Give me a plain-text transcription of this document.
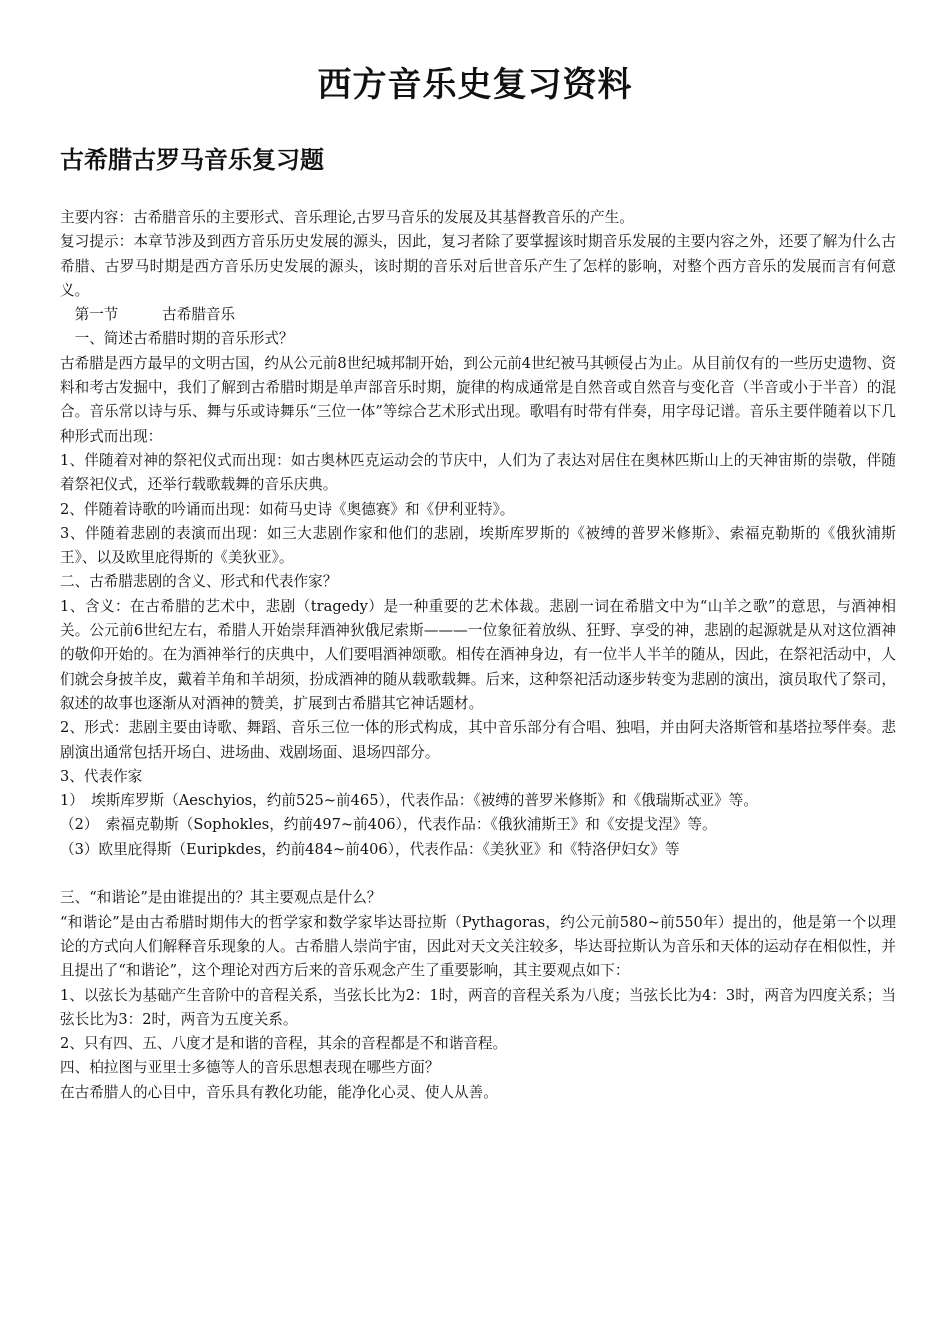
西方音乐史复习资料
古希腊古罗马音乐复习题

主要内容：古希腊音乐的主要形式、音乐理论,古罗马音乐的发展及其基督教音乐的产生。

复习提示：本章节涉及到西方音乐历史发展的源头，因此，复习者除了要掌握该时期音乐发展的主要内容之外，还要了解为什么古希腊、古罗马时期是西方音乐历史发展的源头，该时期的音乐对后世音乐产生了怎样的影响，对整个西方音乐的发展而言有何意义。

　第一节　　　古希腊音乐

　一、简述古希腊时期的音乐形式？

古希腊是西方最早的文明古国，约从公元前8世纪城邦制开始，到公元前4世纪被马其顿侵占为止。从目前仅有的一些历史遗物、资料和考古发掘中，我们了解到古希腊时期是单声部音乐时期，旋律的构成通常是自然音或自然音与变化音（半音或小于半音）的混合。音乐常以诗与乐、舞与乐或诗舞乐“三位一体”等综合艺术形式出现。歌唱有时带有伴奏，用字母记谱。音乐主要伴随着以下几种形式而出现：

1、伴随着对神的祭祀仪式而出现：如古奥林匹克运动会的节庆中，人们为了表达对居住在奥林匹斯山上的天神宙斯的崇敬，伴随着祭祀仪式，还举行载歌载舞的音乐庆典。

2、伴随着诗歌的吟诵而出现：如荷马史诗《奥德赛》和《伊利亚特》。

3、伴随着悲剧的表演而出现：如三大悲剧作家和他们的悲剧，埃斯库罗斯的《被缚的普罗米修斯》、索福克勒斯的《俄狄浦斯王》、以及欧里庇得斯的《美狄亚》。

二、古希腊悲剧的含义、形式和代表作家？

1、含义：在古希腊的艺术中，悲剧（tragedy）是一种重要的艺术体裁。悲剧一词在希腊文中为“山羊之歌”的意思，与酒神相关。公元前6世纪左右，希腊人开始崇拜酒神狄俄尼索斯———一位象征着放纵、狂野、享受的神，悲剧的起源就是从对这位酒神的敬仰开始的。在为酒神举行的庆典中，人们要唱酒神颂歌。相传在酒神身边，有一位半人半羊的随从，因此，在祭祀活动中，人们就会身披羊皮，戴着羊角和羊胡须，扮成酒神的随从载歌载舞。后来，这种祭祀活动逐步转变为悲剧的演出，演员取代了祭司，叙述的故事也逐渐从对酒神的赞美，扩展到古希腊其它神话题材。

2、形式：悲剧主要由诗歌、舞蹈、音乐三位一体的形式构成，其中音乐部分有合唱、独唱，并由阿夫洛斯管和基塔拉琴伴奏。悲剧演出通常包括开场白、进场曲、戏剧场面、退场四部分。

3、代表作家

1）　埃斯库罗斯（Aeschyios，约前525~前465），代表作品：《被缚的普罗米修斯》和《俄瑞斯忒亚》等。

（2）　索福克勒斯（Sophokles，约前497~前406），代表作品：《俄狄浦斯王》和《安提戈涅》等。

（3）欧里庇得斯（Euripkdes，约前484~前406），代表作品：《美狄亚》和《特洛伊妇女》等

三、“和谐论”是由谁提出的？其主要观点是什么？

“和谐论”是由古希腊时期伟大的哲学家和数学家毕达哥拉斯（Pythagoras，约公元前580~前550年）提出的，他是第一个以理论的方式向人们解释音乐现象的人。古希腊人崇尚宇宙，因此对天文关注较多，毕达哥拉斯认为音乐和天体的运动存在相似性，并且提出了“和谐论”，这个理论对西方后来的音乐观念产生了重要影响，其主要观点如下：

1、以弦长为基础产生音阶中的音程关系，当弦长比为2：1时，两音的音程关系为八度；当弦长比为4：3时，两音为四度关系；当弦长比为3：2时，两音为五度关系。

2、只有四、五、八度才是和谐的音程，其余的音程都是不和谐音程。

四、柏拉图与亚里士多德等人的音乐思想表现在哪些方面？

在古希腊人的心目中，音乐具有教化功能，能净化心灵、使人从善。
